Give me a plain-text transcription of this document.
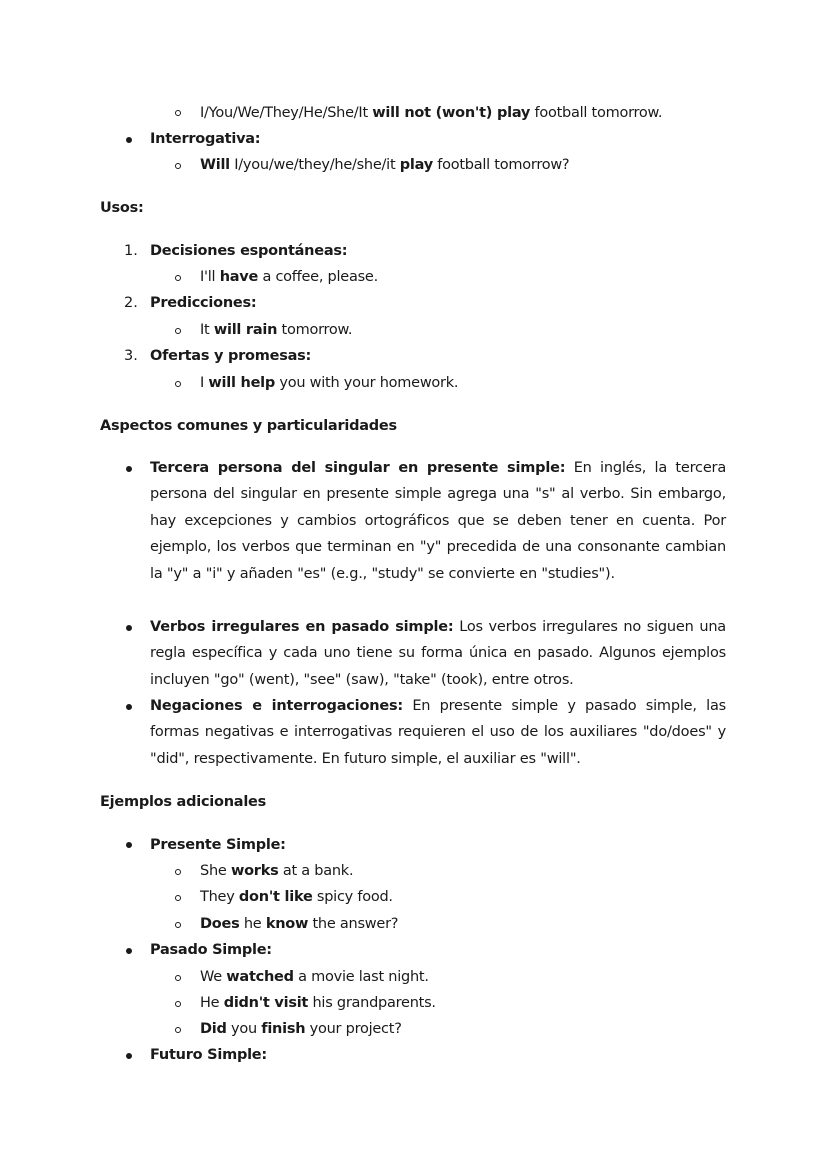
I/You/We/They/He/She/It will not (won't) play football tomorrow.
Interrogativa:
Will I/you/we/they/he/she/it play football tomorrow?
Usos:
1. Decisiones espontáneas:
I'll have a coffee, please.
2. Predicciones:
It will rain tomorrow.
3. Ofertas y promesas:
I will help you with your homework.
Aspectos comunes y particularidades
Tercera persona del singular en presente simple: En inglés, la tercera persona del singular en presente simple agrega una "s" al verbo. Sin embargo, hay excepciones y cambios ortográficos que se deben tener en cuenta. Por ejemplo, los verbos que terminan en "y" precedida de una consonante cambian la "y" a "i" y añaden "es" (e.g., "study" se convierte en "studies").
Verbos irregulares en pasado simple: Los verbos irregulares no siguen una regla específica y cada uno tiene su forma única en pasado. Algunos ejemplos incluyen "go" (went), "see" (saw), "take" (took), entre otros.
Negaciones e interrogaciones: En presente simple y pasado simple, las formas negativas e interrogativas requieren el uso de los auxiliares "do/does" y "did", respectivamente. En futuro simple, el auxiliar es "will".
Ejemplos adicionales
Presente Simple:
She works at a bank.
They don't like spicy food.
Does he know the answer?
Pasado Simple:
We watched a movie last night.
He didn't visit his grandparents.
Did you finish your project?
Futuro Simple:
